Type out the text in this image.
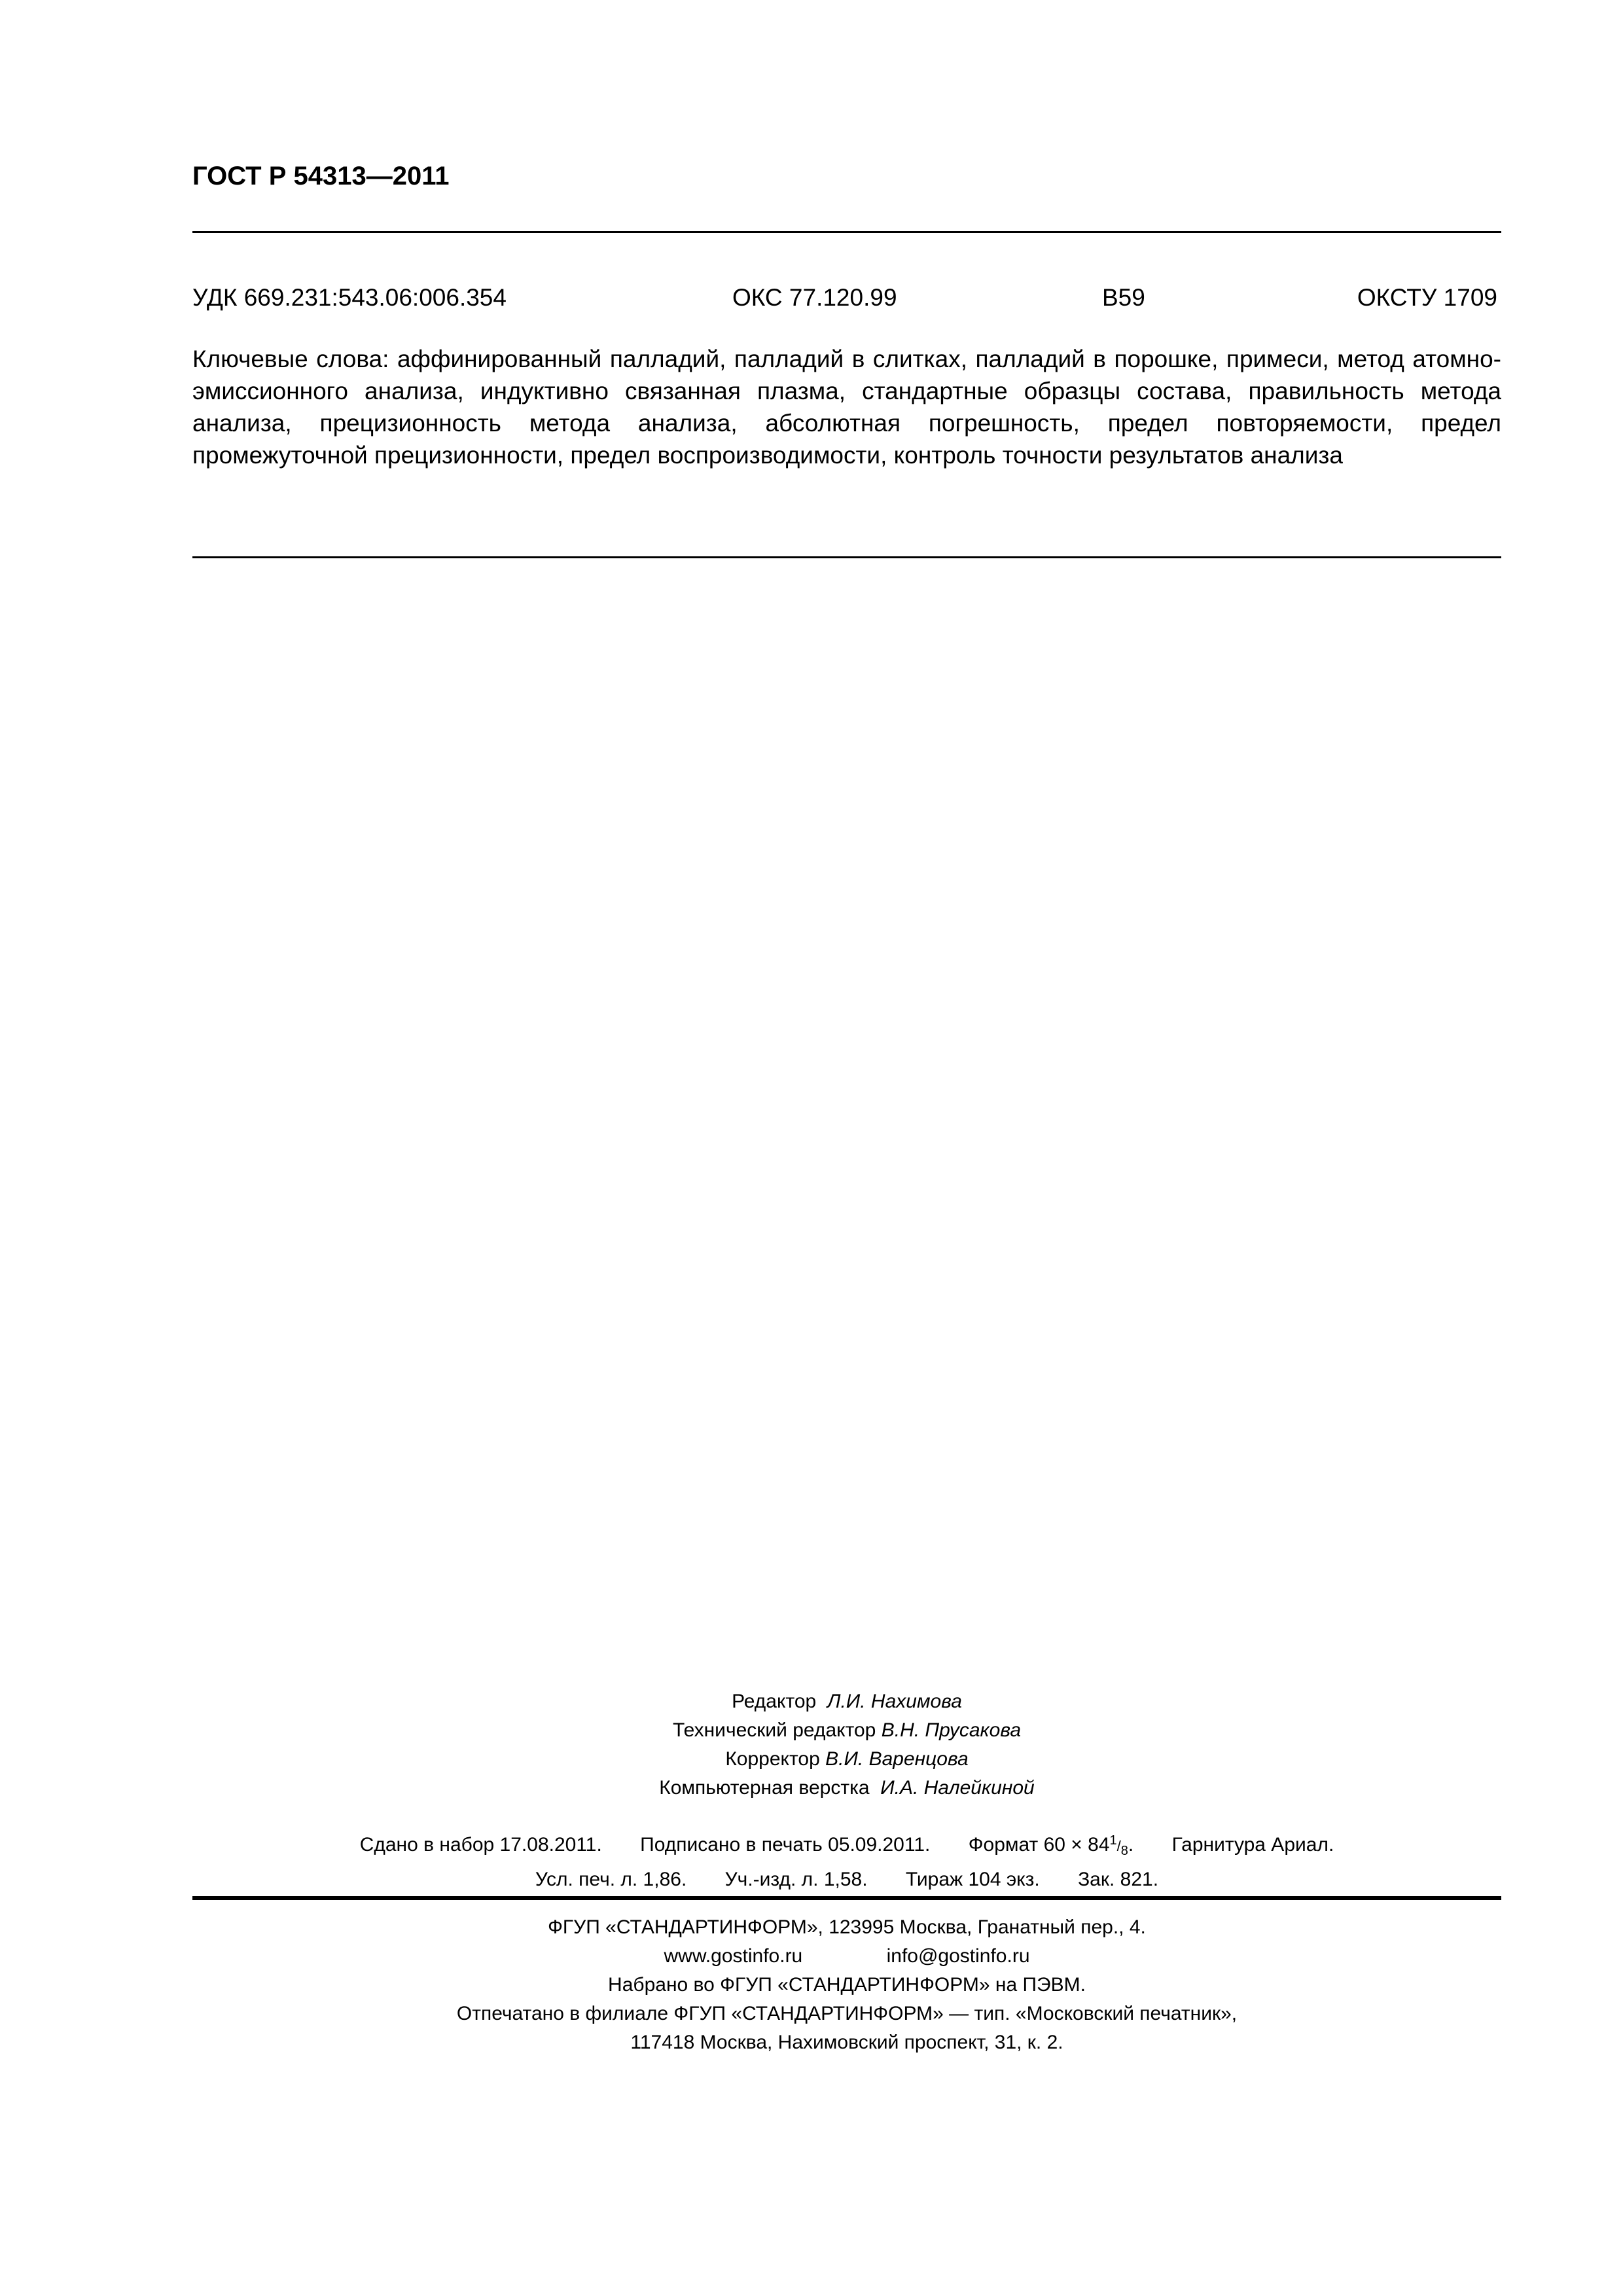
ГОСТ Р 54313—2011
УДК 669.231:543.06:006.354	ОКС 77.120.99	В59	ОКСТУ 1709

Ключевые слова: аффинированный палладий, палладий в слитках, палладий в порошке, примеси, метод атомно-эмиссионного анализа, индуктивно связанная плазма, стандартные образцы состава, правильность метода анализа, прецизионность метода анализа, абсолютная погрешность, предел повторяемости, предел промежуточной прецизионности, предел воспроизводимости, контроль точности результатов анализа

Редактор Л.И. Нахимова
Технический редактор В.Н. Прусакова
Корректор В.И. Варенцова
Компьютерная верстка И.А. Налейкиной
Сдано в набор 17.08.2011. Подписано в печать 05.09.2011. Формат $60 \times 84^1/_8$. Гарнитура Ариал.
Усл. печ. л. 1,86. Уч.-изд. л. 1,58. Тираж 104 экз. Зак. 821.
ФГУП «СТАНДАРТИНФОРМ», 123995 Москва, Гранатный пер., 4.
www.gostinfo.ru	info@gostinfo.ru
Набрано во ФГУП «СТАНДАРТИНФОРМ» на ПЭВМ.
Отпечатано в филиале ФГУП «СТАНДАРТИНФОРМ» — тип. «Московский печатник»,
117418 Москва, Нахимовский проспект, 31, к. 2.
